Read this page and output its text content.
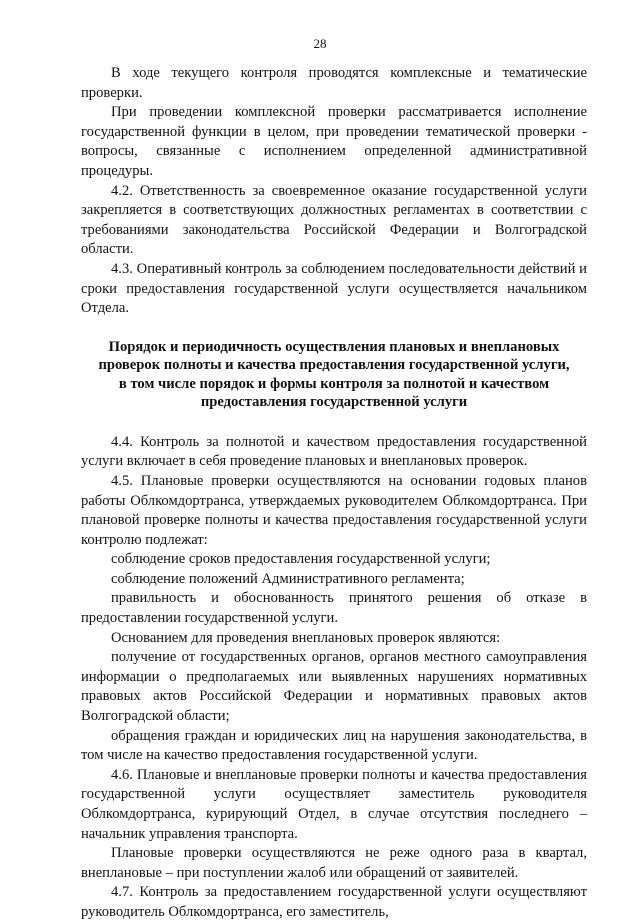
28

В ходе текущего контроля проводятся комплексные и тематические проверки.

При проведении комплексной проверки рассматривается исполнение государственной функции в целом, при проведении тематической проверки - вопросы, связанные с исполнением определенной административной процедуры.

4.2. Ответственность за своевременное оказание государственной услуги закрепляется в соответствующих должностных регламентах в соответствии с требованиями законодательства Российской Федерации и Волгоградской области.

4.3. Оперативный контроль за соблюдением последовательности действий и сроки предоставления государственной услуги осуществляется начальником Отдела.

Порядок и периодичность осуществления плановых и внеплановых
проверок полноты и качества предоставления государственной услуги,
в том числе порядок и формы контроля за полнотой и качеством
предоставления государственной услуги

4.4. Контроль за полнотой и качеством предоставления государственной услуги включает в себя проведение плановых и внеплановых проверок.

4.5. Плановые проверки осуществляются на основании годовых планов работы Облкомдортранса, утверждаемых руководителем Облкомдортранса. При плановой проверке полноты и качества предоставления государственной услуги контролю подлежат:

соблюдение сроков предоставления государственной услуги;

соблюдение положений Административного регламента;

правильность и обоснованность принятого решения об отказе в предоставлении государственной услуги.

Основанием для проведения внеплановых проверок являются:

получение от государственных органов, органов местного самоуправления информации о предполагаемых или выявленных нарушениях нормативных правовых актов Российской Федерации и нормативных правовых актов Волгоградской области;

обращения граждан и юридических лиц на нарушения законодательства, в том числе на качество предоставления государственной услуги.

4.6. Плановые и внеплановые проверки полноты и качества предоставления государственной услуги осуществляет заместитель руководителя Облкомдортранса, курирующий Отдел, в случае отсутствия последнего – начальник управления транспорта.

Плановые проверки осуществляются не реже одного раза в квартал, внеплановые – при поступлении жалоб или обращений от заявителей.

4.7. Контроль за предоставлением государственной услуги осуществляют руководитель Облкомдортранса, его заместитель,
